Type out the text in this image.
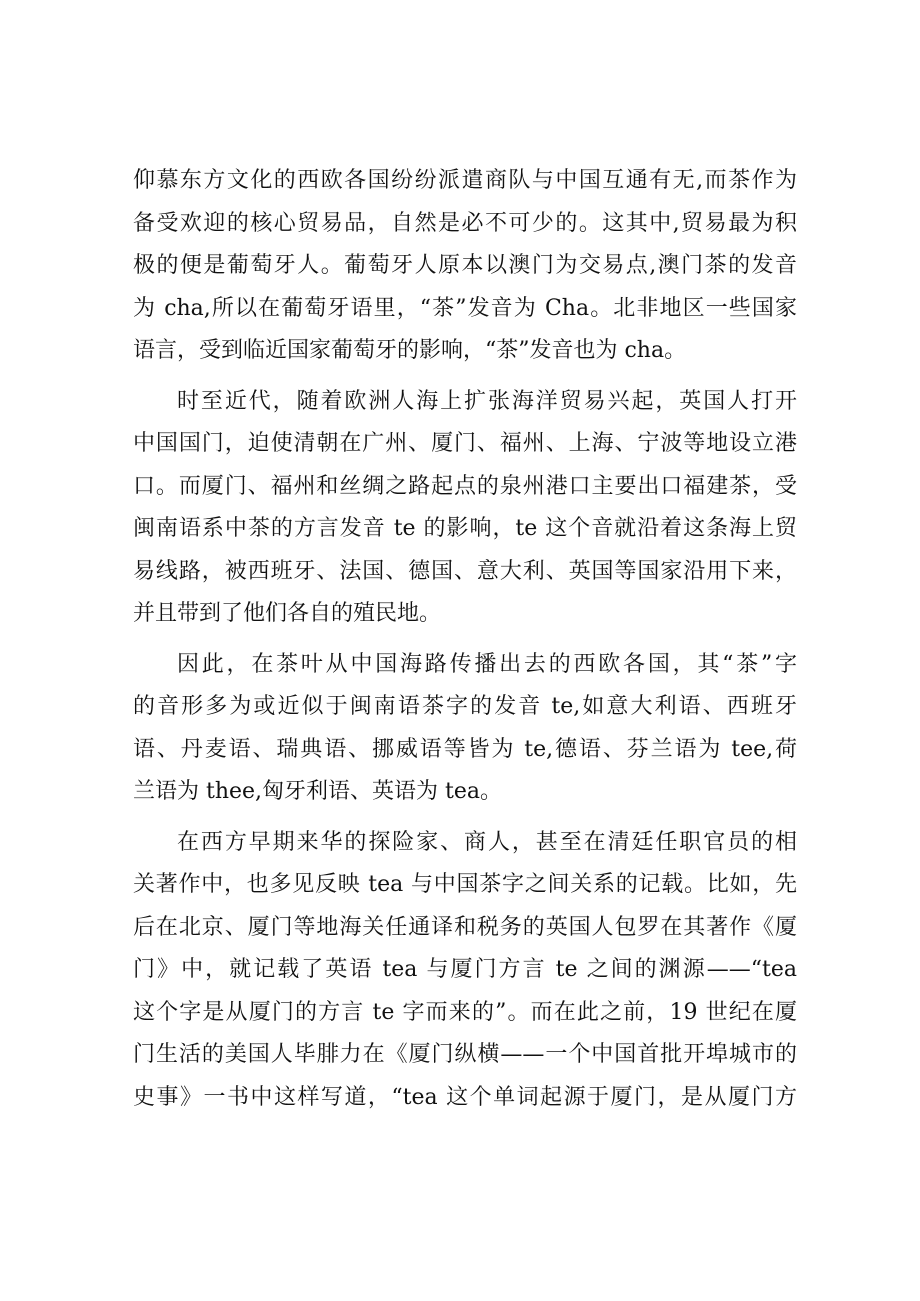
仰慕东方文化的西欧各国纷纷派遣商队与中国互通有无,而茶作为
备受欢迎的核心贸易品，自然是必不可少的。这其中,贸易最为积
极的便是葡萄牙人。葡萄牙人原本以澳门为交易点,澳门茶的发音
为 cha,所以在葡萄牙语里，“茶”发音为 Cha。北非地区一些国家
语言，受到临近国家葡萄牙的影响，“茶”发音也为 cha。

时至近代，随着欧洲人海上扩张海洋贸易兴起，英国人打开
中国国门，迫使清朝在广州、厦门、福州、上海、宁波等地设立港
口。而厦门、福州和丝绸之路起点的泉州港口主要出口福建茶，受
闽南语系中茶的方言发音 te 的影响，te 这个音就沿着这条海上贸
易线路，被西班牙、法国、德国、意大利、英国等国家沿用下来，
并且带到了他们各自的殖民地。

因此，在茶叶从中国海路传播出去的西欧各国，其“茶”字
的音形多为或近似于闽南语茶字的发音 te,如意大利语、西班牙
语、丹麦语、瑞典语、挪威语等皆为 te,德语、芬兰语为 tee,荷
兰语为 thee,匈牙利语、英语为 tea。

在西方早期来华的探险家、商人，甚至在清廷任职官员的相
关著作中，也多见反映 tea 与中国茶字之间关系的记载。比如，先
后在北京、厦门等地海关任通译和税务的英国人包罗在其著作《厦
门》中，就记载了英语 tea 与厦门方言 te 之间的渊源——“tea
这个字是从厦门的方言 te 字而来的”。而在此之前，19 世纪在厦
门生活的美国人毕腓力在《厦门纵横——一个中国首批开埠城市的
史事》一书中这样写道，“tea 这个单词起源于厦门，是从厦门方
